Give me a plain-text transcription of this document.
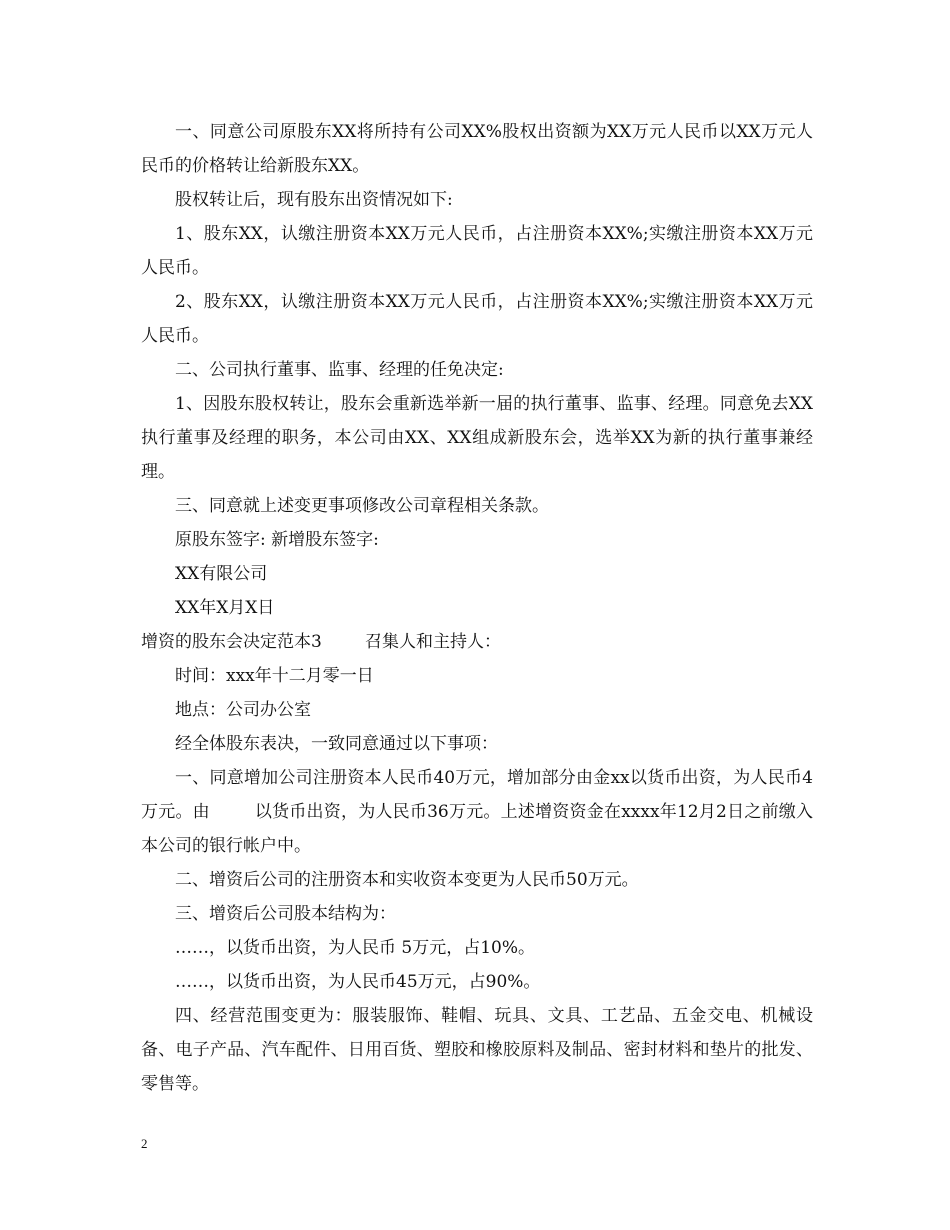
一、同意公司原股东XX将所持有公司XX%股权出资额为XX万元人民币以XX万元人民币的价格转让给新股东XX。

股权转让后，现有股东出资情况如下:

1、股东XX，认缴注册资本XX万元人民币，占注册资本XX%;实缴注册资本XX万元人民币。

2、股东XX，认缴注册资本XX万元人民币，占注册资本XX%;实缴注册资本XX万元人民币。

二、公司执行董事、监事、经理的任免决定:

1、因股东股权转让，股东会重新选举新一届的执行董事、监事、经理。同意免去XX执行董事及经理的职务，本公司由XX、XX组成新股东会，选举XX为新的执行董事兼经理。

三、同意就上述变更事项修改公司章程相关条款。

原股东签字: 新增股东签字:

XX有限公司

XX年X月X日

增资的股东会决定范本3        召集人和主持人：

时间：xxx年十二月零一日

地点：公司办公室

经全体股东表决，一致同意通过以下事项：

一、同意增加公司注册资本人民币40万元，增加部分由金xx以货币出资，为人民币4万元。由        以货币出资，为人民币36万元。上述增资资金在xxxx年12月2日之前缴入本公司的银行帐户中。

二、增资后公司的注册资本和实收资本变更为人民币50万元。

三、增资后公司股本结构为：

……，以货币出资，为人民币 5万元，占10%。

……，以货币出资，为人民币45万元，占90%。

四、经营范围变更为：服装服饰、鞋帽、玩具、文具、工艺品、五金交电、机械设备、电子产品、汽车配件、日用百货、塑胶和橡胶原料及制品、密封材料和垫片的批发、零售等。

2
